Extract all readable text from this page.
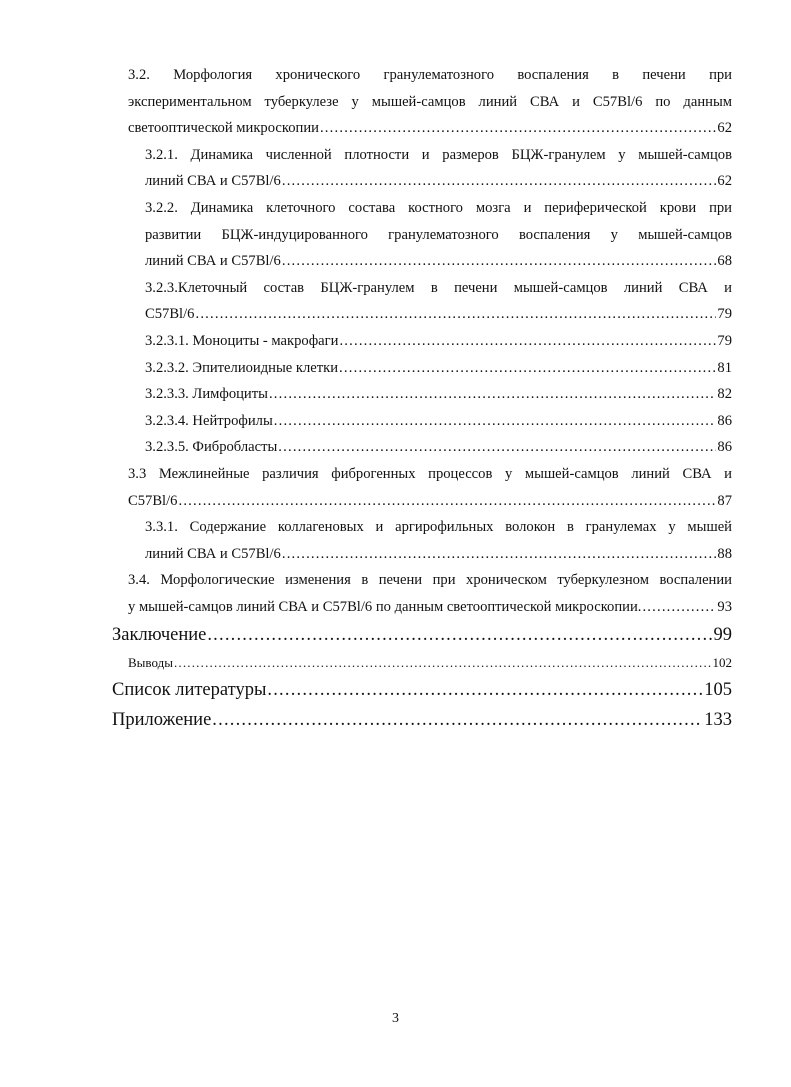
3.2. Морфология хронического гранулематозного воспаления в печени при
экспериментальном туберкулезе у мышей-самцов линий СВА и C57Bl/6 по данным
светооптической микроскопии .....	62
3.2.1. Динамика численной плотности и размеров БЦЖ-гранулем у мышей-самцов
линий СВА и C57Bl/6 .....	62
3.2.2. Динамика клеточного состава костного мозга и периферической крови при
развитии БЦЖ-индуцированного гранулематозного воспаления у мышей-самцов
линий СВА и C57Bl/6 .....	68
3.2.3.Клеточный состав БЦЖ-гранулем в печени мышей-самцов линий СВА и
C57Bl/6 .....	79
3.2.3.1. Моноциты - макрофаги .....	79
3.2.3.2. Эпителиоидные клетки .....	81
3.2.3.3. Лимфоциты .....	82
3.2.3.4. Нейтрофилы .....	86
3.2.3.5. Фибробласты .....	86
3.3 Межлинейные различия фиброгенных процессов у мышей-самцов линий СВА и
C57Bl/6 .....	87
3.3.1. Содержание коллагеновых и аргирофильных волокон в гранулемах у мышей
линий СВА и C57Bl/6 .....	88
3.4. Морфологические изменения в печени при хроническом туберкулезном воспалении
у мышей-самцов линий СВА и C57Bl/6 по данным светооптической микроскопии. .....	93
Заключение .....	99
Выводы .....	102
Список литературы .....	105
Приложение .....	133
3
